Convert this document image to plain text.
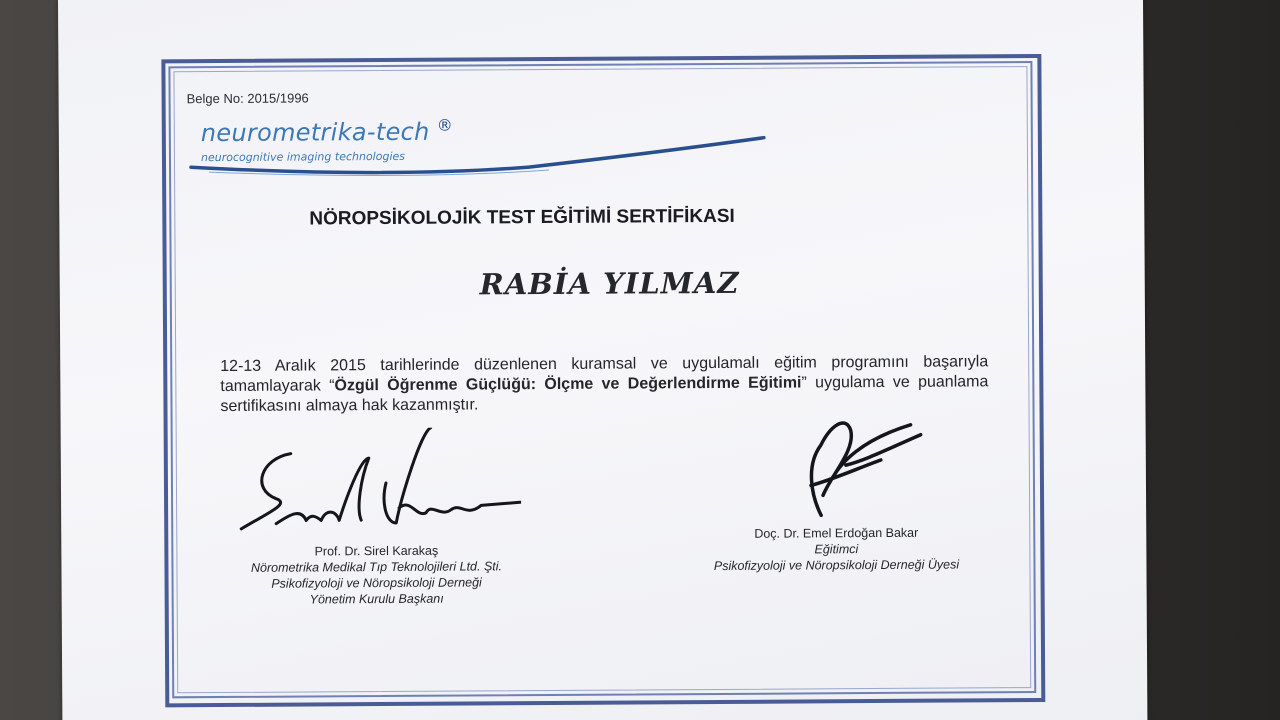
Belge No: 2015/1996
neurometrika-tech ®
neurocognitive imaging technologies
NÖROPSİKOLOJİK TEST EĞİTİMİ SERTİFİKASI
RABİA YILMAZ
12-13 Aralık 2015 tarihlerinde düzenlenen kuramsal ve uygulamalı eğitim programını başarıyla tamamlayarak “Özgül Öğrenme Güçlüğü: Ölçme ve Değerlendirme Eğitimi” uygulama ve puanlama sertifikasını almaya hak kazanmıştır.
Prof. Dr. Sirel Karakaş
Nörometrika Medikal Tıp Teknolojileri Ltd. Şti.
Psikofizyoloji ve Nöropsikoloji Derneği
Yönetim Kurulu Başkanı
Doç. Dr. Emel Erdoğan Bakar
Eğitimci
Psikofizyoloji ve Nöropsikoloji Derneği Üyesi
